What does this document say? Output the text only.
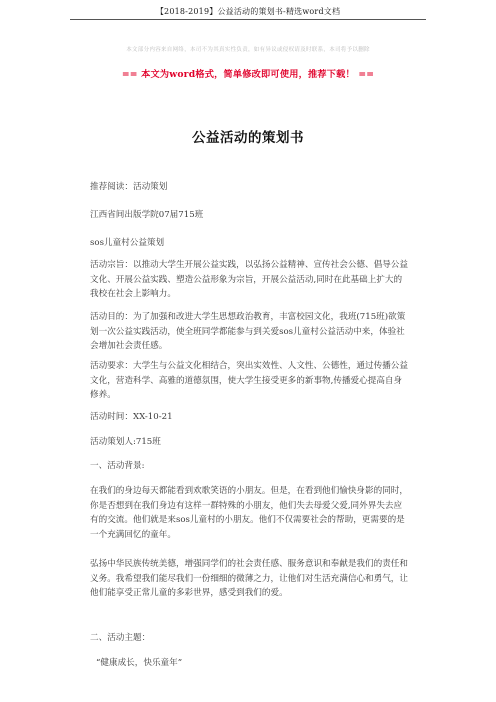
【2018-2019】公益活动的策划书-精选word文档
本文部分内容来自网络，本司不为其真实性负责，如有异议或侵权请及时联系，本司将予以删除
== 本文为word格式，简单修改即可使用，推荐下载！ ==
公益活动的策划书
推荐阅读：活动策划
江西省间出版学院07届715班
sos儿童村公益策划

活动宗旨：以推动大学生开展公益实践，以弘扬公益精神、宣传社会公德、倡导公益文化、开展公益实践、塑造公益形象为宗旨，开展公益活动,同时在此基础上扩大的我校在社会上影响力。

活动目的：为了加强和改进大学生思想政治教育，丰富校园文化，我班(715班)欲策划一次公益实践活动，使全班同学都能参与到关爱sos儿童村公益活动中来，体验社会增加社会责任感。

活动要求：大学生与公益文化相结合，突出实效性、人文性、公德性，通过传播公益文化，营造科学、高雅的道德氛围，使大学生接受更多的新事物,传播爱心提高自身修养。

活动时间：XX-10-21
活动策划人:715班
一、活动背景:

在我们的身边每天都能看到欢歌笑语的小朋友。但是，在看到他们愉快身影的同时，你是否想到在我们身边有这样一群特殊的小朋友，他们失去母爱父爱,同外界失去应有的交流。他们就是来sos儿童村的小朋友。他们不仅需要社会的帮助，更需要的是一个充满回忆的童年。

弘扬中华民族传统美德，增强同学们的社会责任感、服务意识和奉献是我们的责任和义务。我希望我们能尽我们一份细细的微薄之力，让他们对生活充满信心和勇气，让他们能享受正常儿童的多彩世界，感受到我们的爱。

二、活动主题：
“健康成长，快乐童年”
